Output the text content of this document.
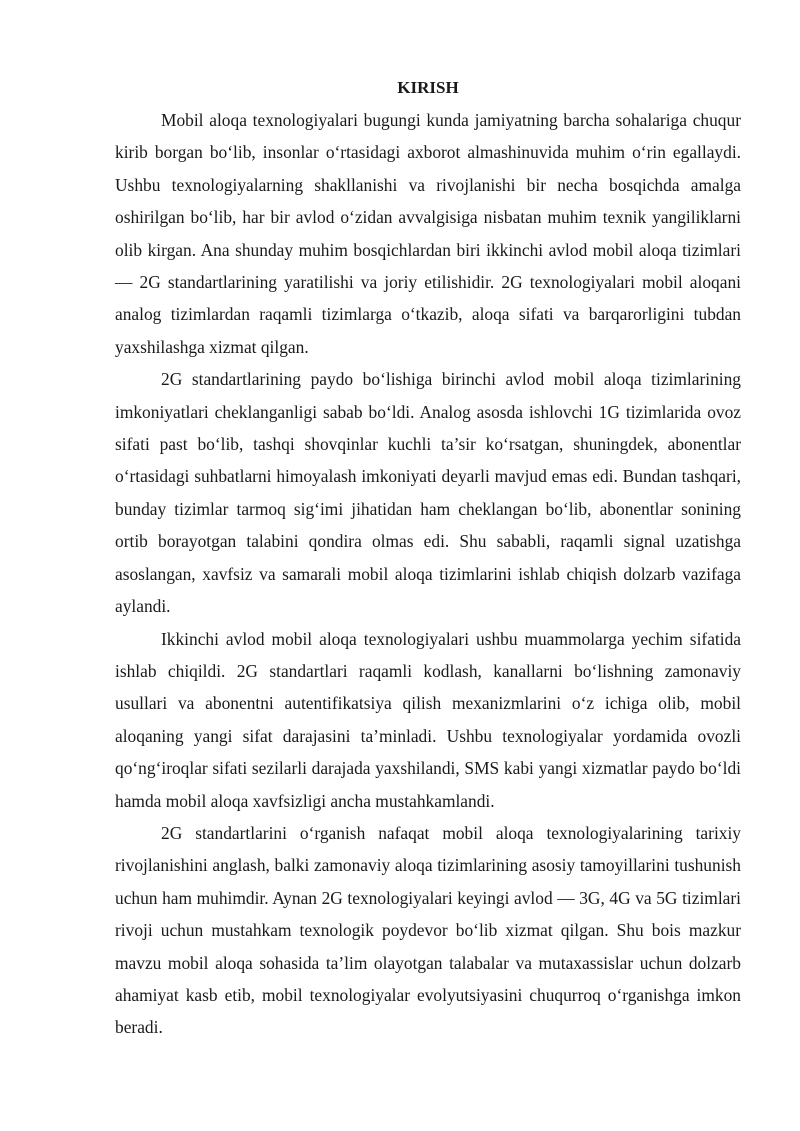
KIRISH

Mobil aloqa texnologiyalari bugungi kunda jamiyatning barcha sohalariga chuqur kirib borgan bo‘lib, insonlar o‘rtasidagi axborot almashinuvida muhim o‘rin egallaydi. Ushbu texnologiyalarning shakllanishi va rivojlanishi bir necha bosqichda amalga oshirilgan bo‘lib, har bir avlod o‘zidan avvalgisiga nisbatan muhim texnik yangiliklarni olib kirgan. Ana shunday muhim bosqichlardan biri ikkinchi avlod mobil aloqa tizimlari — 2G standartlarining yaratilishi va joriy etilishidir. 2G texnologiyalari mobil aloqani analog tizimlardan raqamli tizimlarga o‘tkazib, aloqa sifati va barqarorligini tubdan yaxshilashga xizmat qilgan.

2G standartlarining paydo bo‘lishiga birinchi avlod mobil aloqa tizimlarining imkoniyatlari cheklanganligi sabab bo‘ldi. Analog asosda ishlovchi 1G tizimlarida ovoz sifati past bo‘lib, tashqi shovqinlar kuchli ta’sir ko‘rsatgan, shuningdek, abonentlar o‘rtasidagi suhbatlarni himoyalash imkoniyati deyarli mavjud emas edi. Bundan tashqari, bunday tizimlar tarmoq sig‘imi jihatidan ham cheklangan bo‘lib, abonentlar sonining ortib borayotgan talabini qondira olmas edi. Shu sababli, raqamli signal uzatishga asoslangan, xavfsiz va samarali mobil aloqa tizimlarini ishlab chiqish dolzarb vazifaga aylandi.

Ikkinchi avlod mobil aloqa texnologiyalari ushbu muammolarga yechim sifatida ishlab chiqildi. 2G standartlari raqamli kodlash, kanallarni bo‘lishning zamonaviy usullari va abonentni autentifikatsiya qilish mexanizmlarini o‘z ichiga olib, mobil aloqaning yangi sifat darajasini ta’minladi. Ushbu texnologiyalar yordamida ovozli qo‘ng‘iroqlar sifati sezilarli darajada yaxshilandi, SMS kabi yangi xizmatlar paydo bo‘ldi hamda mobil aloqa xavfsizligi ancha mustahkamlandi.

2G standartlarini o‘rganish nafaqat mobil aloqa texnologiyalarining tarixiy rivojlanishini anglash, balki zamonaviy aloqa tizimlarining asosiy tamoyillarini tushunish uchun ham muhimdir. Aynan 2G texnologiyalari keyingi avlod — 3G, 4G va 5G tizimlari rivoji uchun mustahkam texnologik poydevor bo‘lib xizmat qilgan. Shu bois mazkur mavzu mobil aloqa sohasida ta’lim olayotgan talabalar va mutaxassislar uchun dolzarb ahamiyat kasb etib, mobil texnologiyalar evolyutsiyasini chuqurroq o‘rganishga imkon beradi.
